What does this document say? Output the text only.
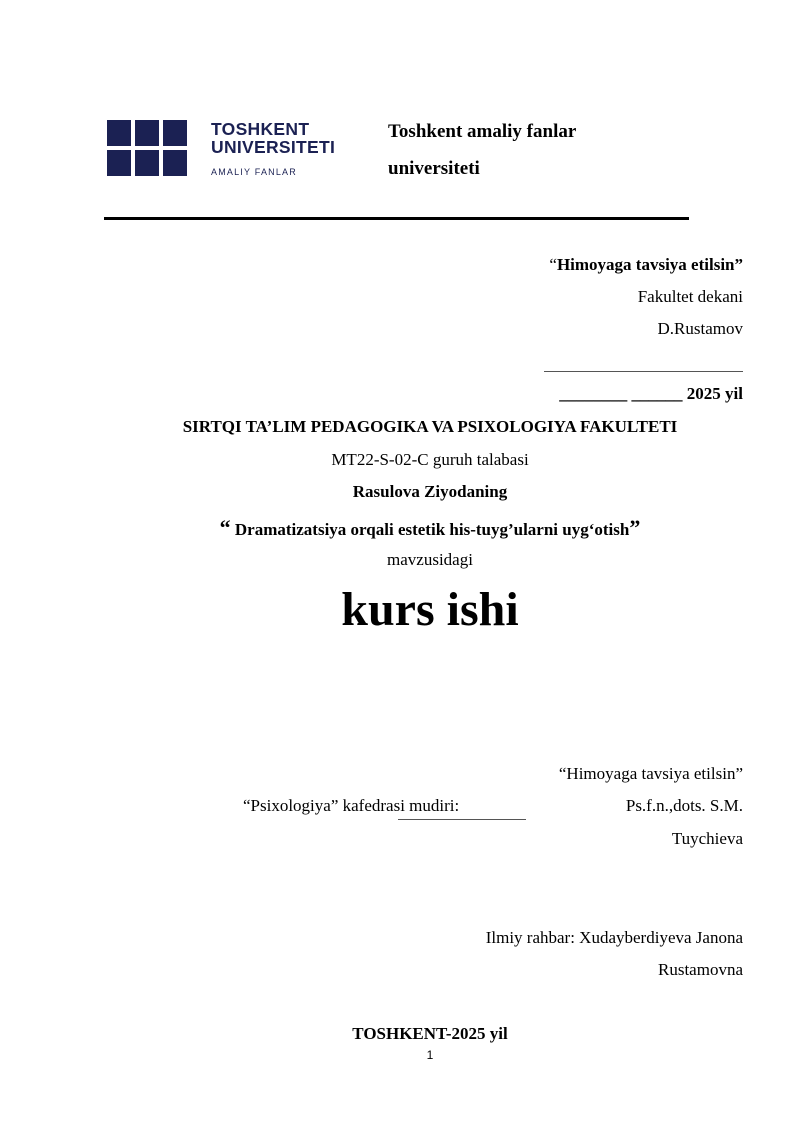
TOSHKENT
UNIVERSITETI
AMALIY FANLAR
Toshkent amaliy fanlar universiteti
“Himoyaga tavsiya etilsin”
Fakultet dekani
D.Rustamov
________ ______ 2025 yil
SIRTQI TA’LIM PEDAGOGIKA VA PSIXOLOGIYA FAKULTETI
MT22-S-02-C guruh talabasi
Rasulova Ziyodaning
“ Dramatizatsiya orqali estetik his-tuyg’ularni uyg‘otish”
mavzusidagi
kurs ishi
“Himoyaga tavsiya etilsin”
“Psixologiya” kafedrasi mudiri:	Ps.f.n.,dots. S.M.
Tuychieva
Ilmiy rahbar: Xudayberdiyeva Janona
Rustamovna
TOSHKENT-2025 yil
1
